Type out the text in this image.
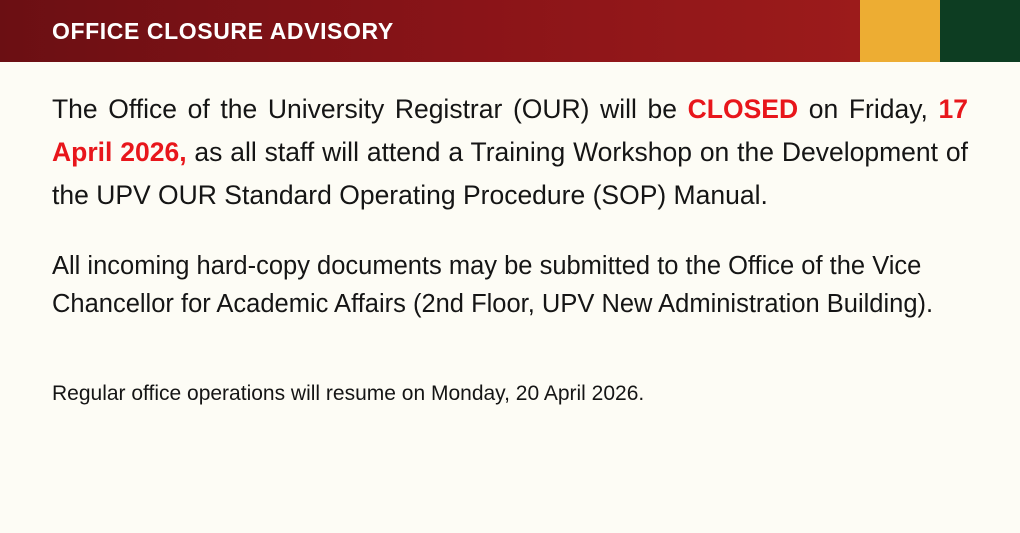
OFFICE CLOSURE ADVISORY

The Office of the University Registrar (OUR) will be CLOSED on Friday, 17 April 2026, as all staff will attend a Training Workshop on the Development of the UPV OUR Standard Operating Procedure (SOP) Manual.

All incoming hard-copy documents may be submitted to the Office of the Vice Chancellor for Academic Affairs (2nd Floor, UPV New Administration Building).

Regular office operations will resume on Monday, 20 April 2026.
